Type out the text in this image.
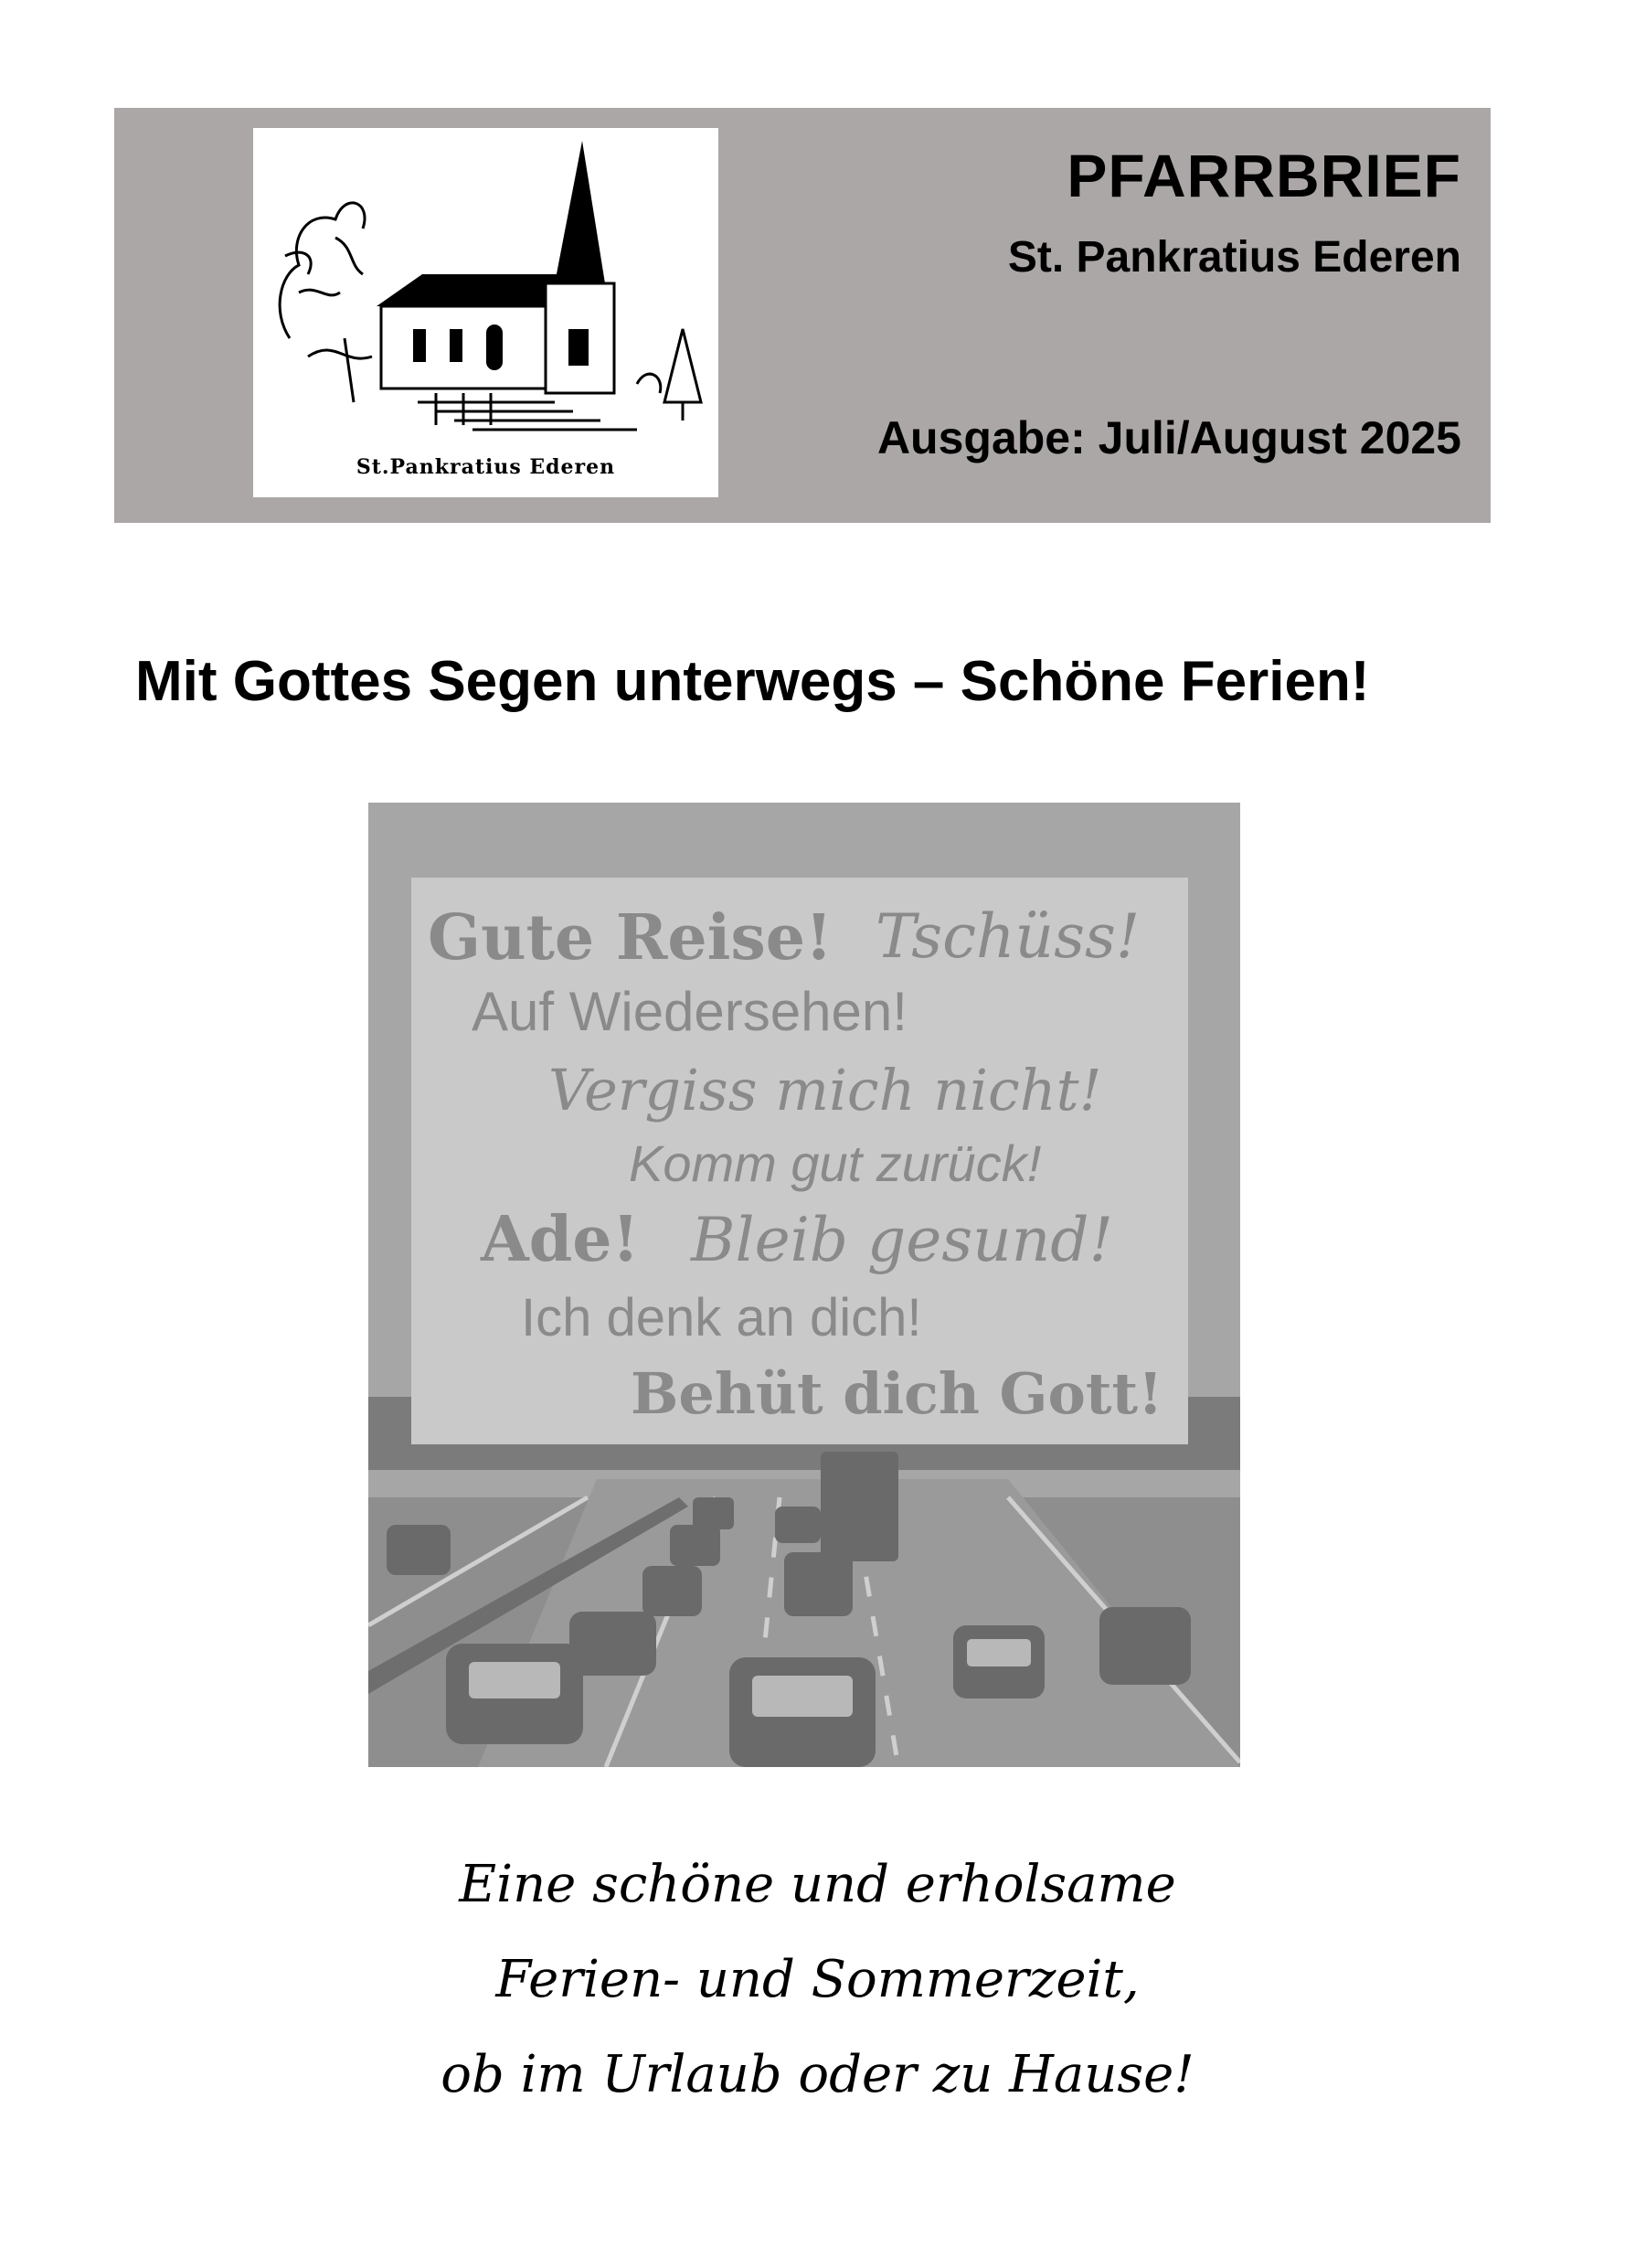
St.Pankratius Ederen
PFARRBRIEF
St. Pankratius Ederen
Ausgabe: Juli/August 2025
Mit Gottes Segen unterwegs – Schöne Ferien!
Gute Reise! Tschüss!
Auf Wiedersehen!
Vergiss mich nicht!
Komm gut zurück!
Ade! Bleib gesund!
Ich denk an dich!
Behüt dich Gott!
Eine schöne und erholsame
Ferien- und Sommerzeit,
ob im Urlaub oder zu Hause!
